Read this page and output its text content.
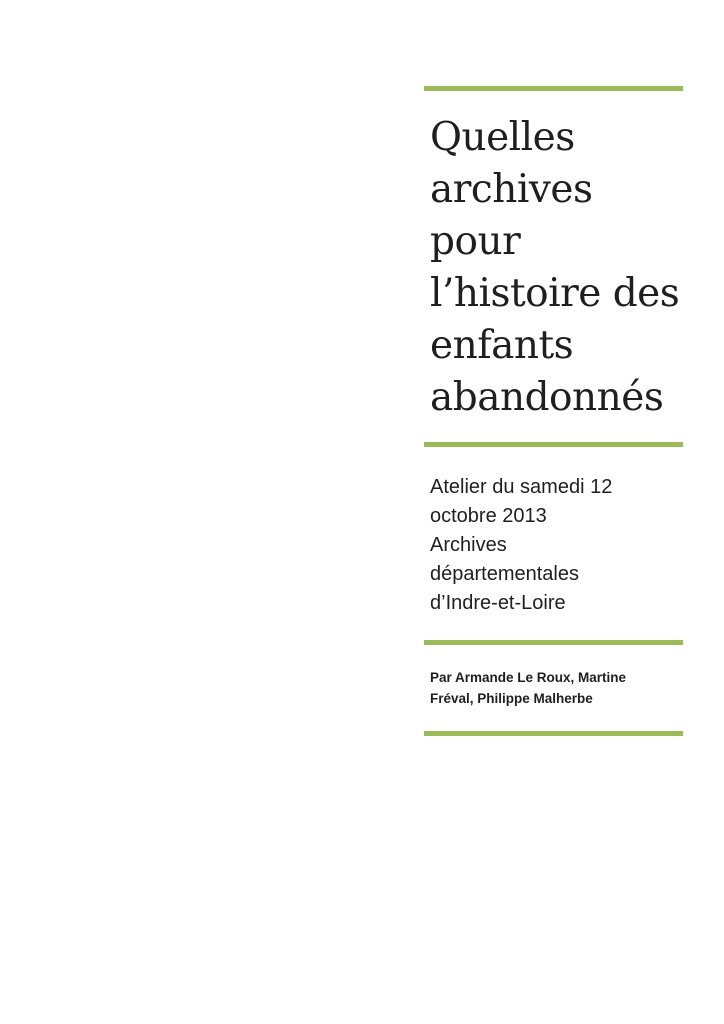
Quelles
archives
pour
l’histoire des
enfants
abandonnés
Atelier du samedi 12
octobre 2013
Archives
départementales
d’Indre-et-Loire
Par Armande Le Roux, Martine
Fréval, Philippe Malherbe
